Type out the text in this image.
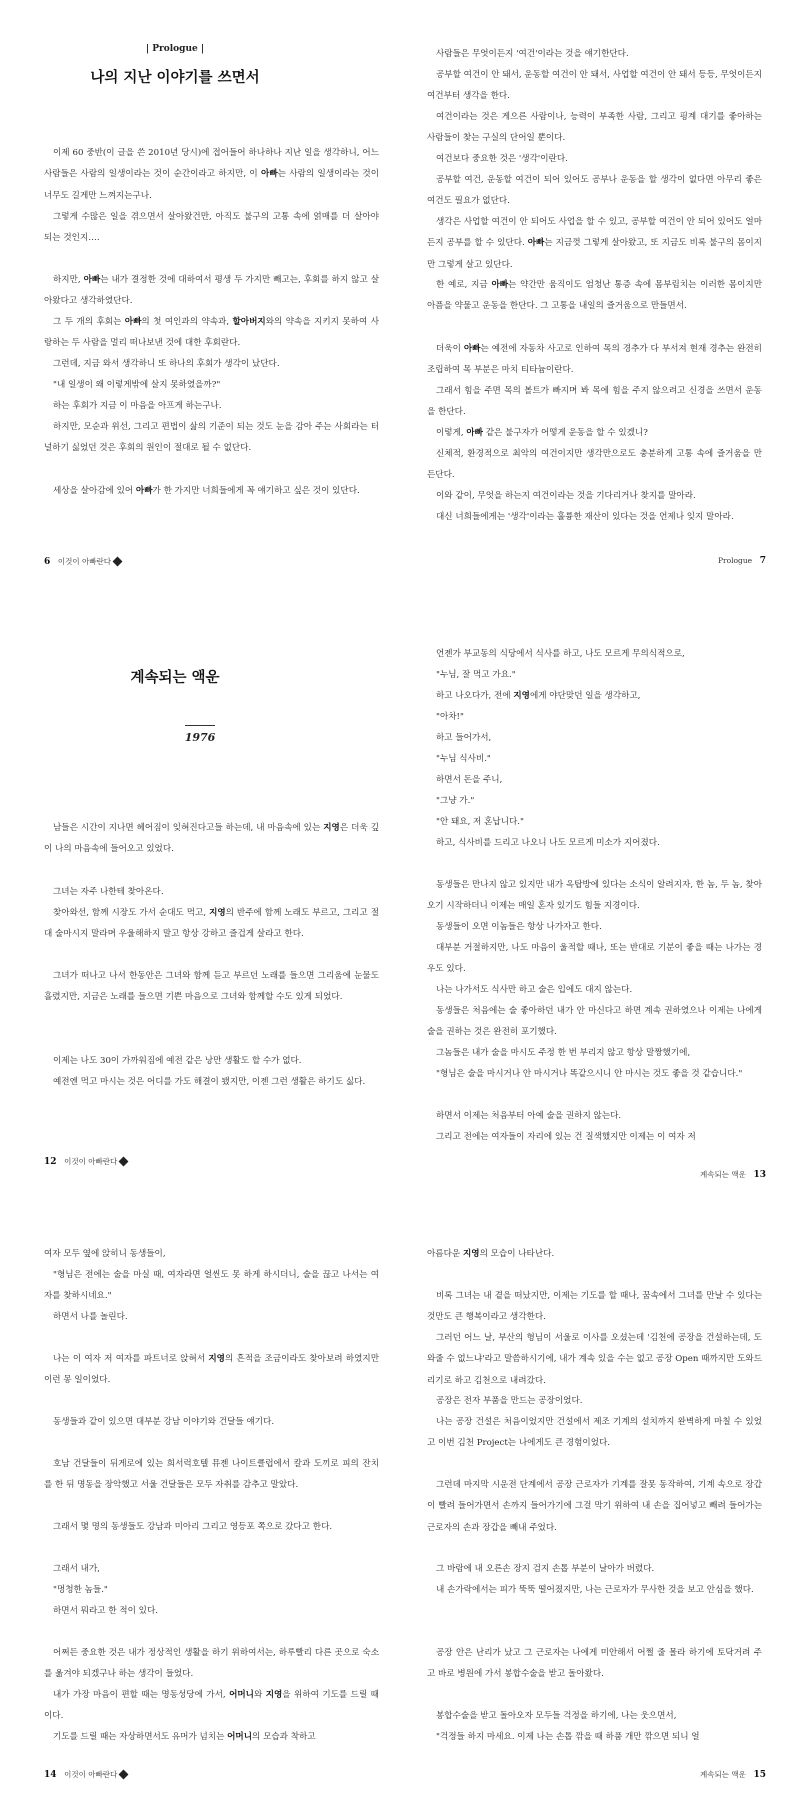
| Prologue |
나의 지난 이야기를 쓰면서

이제 60 중반(이 글을 쓴 2010년 당시)에 접어들어 하나하나 지난 일을 생각하니, 어느 사람들은 사람의 일생이라는 것이 순간이라고 하지만, 이 아빠는 사람의 일생이라는 것이 너무도 길게만 느껴지는구나.

그렇게 수많은 일을 겪으면서 살아왔건만, 아직도 불구의 고통 속에 얽매를 더 살아야 되는 것인지….

하지만, 아빠는 내가 결정한 것에 대하여서 평생 두 가지만 빼고는, 후회를 하지 않고 살아왔다고 생각하였단다.

그 두 개의 후회는 아빠의 첫 여인과의 약속과, 할아버지와의 약속을 지키지 못하여 사랑하는 두 사람을 멀리 떠나보낸 것에 대한 후회란다.

그런데, 지금 와서 생각하니 또 하나의 후회가 생각이 났단다.

"내 일생이 왜 이렇게밖에 살지 못하였을까?"

하는 후회가 지금 이 마음을 아프게 하는구나.

하지만, 모순과 위선, 그리고 편법이 삶의 기준이 되는 것도 눈을 감아 주는 사회라는 터널하기 싫었던 것은 후회의 원인이 절대로 될 수 없단다.

세상을 살아감에 있어 아빠가 한 가지만 너희들에게 꼭 얘기하고 싶은 것이 있단다.

6 이것이 아빠란다

사람들은 무엇이든지 '여건'이라는 것을 얘기한단다.

공부할 여건이 안 돼서, 운동할 여건이 안 돼서, 사업할 여건이 안 돼서 등등, 무엇이든지 여건부터 생각을 한다.

여건이라는 것은 게으른 사람이나, 능력이 부족한 사람, 그리고 핑계 대기를 좋아하는 사람들이 찾는 구실의 단어일 뿐이다.

여건보다 중요한 것은 '생각'이란다.

공부할 여건, 운동할 여건이 되어 있어도 공부나 운동을 할 생각이 없다면 아무리 좋은 여건도 필요가 없단다.

생각은 사업할 여건이 안 되어도 사업을 할 수 있고, 공부할 여건이 안 되어 있어도 얼마든지 공부를 할 수 있단다. 아빠는 지금껏 그렇게 살아왔고, 또 지금도 비록 불구의 몸이지만 그렇게 살고 있단다.

한 예로, 지금 아빠는 약간만 움직이도 엄청난 통증 속에 몸부림치는 이러한 몸이지만 아픔을 약물고 운동을 한단다. 그 고통을 내일의 즐거움으로 만들면서.

더욱이 아빠는 예전에 자동차 사고로 인하여 목의 경추가 다 부서져 현재 경추는 완전히 조립하여 목 부분은 마치 티타늄이란다.

그래서 힘을 주면 목의 볼트가 빠지며 봐 목에 힘을 주지 않으려고 신경을 쓰면서 운동을 한단다.

이렇게, 아빠 같은 불구자가 어떻게 운동을 할 수 있겠니?

신체적, 환경적으로 최악의 여건이지만 생각만으로도 충분하게 고통 속에 즐거움을 만든단다.

이와 같이, 무엇을 하는지 여건이라는 것을 기다리거나 찾지를 말아라.

대신 너희들에게는 '생각'이라는 훌륭한 재산이 있다는 것을 언제나 잊지 말아라.

Prologue 7
계속되는 액운
1976

남들은 시간이 지나면 헤어짐이 잊혀진다고들 하는데, 내 마음속에 있는 지영은 더욱 깊이 나의 마음속에 들어오고 있었다.

그녀는 자주 나한테 찾아온다.

찾아와선, 함께 시장도 가서 순대도 먹고, 지영의 반주에 함께 노래도 부르고, 그리고 절대 술마시지 말라며 우울해하지 말고 항상 강하고 즐겁게 살라고 한다.

그녀가 떠나고 나서 한동안은 그녀와 함께 듣고 부르던 노래를 들으면 그리움에 눈물도 흘렸지만, 지금은 노래를 들으면 기쁜 마음으로 그녀와 함께할 수도 있게 되었다.

이제는 나도 30이 가까워짐에 예전 같은 낭만 생활도 할 수가 없다.

예전엔 먹고 마시는 것은 어디를 가도 해결이 됐지만, 이젠 그런 생활은 하기도 싫다.

12 이것이 아빠란다

언젠가 부교동의 식당에서 식사를 하고, 나도 모르게 무의식적으로,

"누님, 잘 먹고 가요."

하고 나오다가, 전에 지영에게 야단맞던 일을 생각하고,

"아차!"

하고 들어가서,

"누님 식사비."

하면서 돈을 주니,

"그냥 가."

"안 돼요, 저 혼납니다."

하고, 식사비를 드리고 나오니 나도 모르게 미소가 지어졌다.

동생들은 만나지 않고 있지만 내가 옥탑방에 있다는 소식이 알려지자, 한 놈, 두 놈, 찾아오기 시작하더니 이제는 매일 혼자 있기도 힘들 지경이다.

동생들이 오면 이놈들은 항상 나가자고 한다.

대부분 거절하지만, 나도 마음이 울적할 때나, 또는 반대로 기분이 좋을 때는 나가는 경우도 있다.

나는 나가서도 식사만 하고 술은 입에도 대지 않는다.

동생들은 처음에는 술 좋아하던 내가 안 마신다고 하면 계속 권하였으나 이제는 나에게 술을 권하는 것은 완전히 포기했다.

그놈들은 내가 술을 마시도 주정 한 번 부리지 않고 항상 말짱했기에,

"형님은 술을 마시거나 안 마시거나 똑같으시니 안 마시는 것도 좋을 것 같습니다."

하면서 이제는 처음부터 아예 술을 권하지 않는다.

그리고 전에는 여자들이 자리에 있는 건 질색했지만 이제는 이 여자 저

계속되는 액운 13

여자 모두 옆에 앉히니 동생들이,

"형님은 전에는 술을 마실 때, 여자라면 얼씬도 못 하게 하시더니, 술을 끊고 나서는 여자를 찾하시네요."

하면서 나를 놀린다.

나는 이 여자 저 여자를 파트너로 앉혀서 지영의 흔적을 조금이라도 찾아보려 하였지만 이런 몽 일이었다.

동생들과 같이 있으면 대부분 강남 이야기와 건달들 얘기다.

호남 건달들이 뒤게로에 있는 희서럭호텔 뮤젠 나이트클럽에서 칼과 도끼로 피의 잔치를 한 뒤 명동을 장악했고 서울 건달들은 모두 자취를 감추고 말았다.

그래서 몇 명의 동생들도 강남과 미아리 그리고 영등포 쪽으로 갔다고 한다.

그래서 내가,

"멍청한 놈들."

하면서 뭐라고 한 적이 있다.

어쩌든 중요한 것은 내가 정상적인 생활을 하기 위하여서는, 하루빨리 다른 곳으로 숙소를 옮겨야 되겠구나 하는 생각이 들었다.

내가 가장 마음이 편할 때는 명동성당에 가서, 어머니와 지영을 위하여 기도를 드릴 때이다.

기도를 드릴 때는 자상하면서도 유머가 넘치는 어머니의 모습과 착하고

14 이것이 아빠란다

아름다운 지영의 모습이 나타난다.

비록 그녀는 내 곁을 떠났지만, 이제는 기도를 할 때나, 꿈속에서 그녀를 만날 수 있다는 것만도 큰 행복이라고 생각한다.

그러던 어느 날, 부산의 형님이 서울로 이사를 오셨는데 '김천에 공장을 건설하는데, 도와줄 수 없느냐'라고 말씀하시기에, 내가 계속 있을 수는 없고 공장 Open 때까지만 도와드리기로 하고 김천으로 내려갔다.

공장은 전자 부품을 만드는 공장이었다.

나는 공장 건설은 처음이었지만 건설에서 제조 기계의 설치까지 완벽하게 마칠 수 있었고 이번 김천 Project는 나에게도 큰 경험이었다.

그런데 마지막 시운전 단계에서 공장 근로자가 기계를 잘못 동작하여, 기계 속으로 장갑이 빨려 들어가면서 손까지 들어가기에 그걸 막기 위하여 내 손을 집어넣고 빼려 들어가는 근로자의 손과 장갑을 빼내 주었다.

그 바람에 내 오른손 장지 검지 손톱 부분이 날아가 버렸다.

내 손가락에서는 피가 뚝뚝 떨어졌지만, 나는 근로자가 무사한 것을 보고 안심을 했다.

공장 안은 난리가 났고 그 근로자는 나에게 미안해서 어쩔 줄 몰라 하기에 토닥거려 주고 바로 병원에 가서 봉합수술을 받고 돌아왔다.

봉합수술을 받고 돌아오자 모두들 걱정을 하기에, 나는 웃으면서,

"걱정들 하지 마세요. 이제 나는 손톱 깎을 때 하품 개만 깎으면 되니 얼

계속되는 액운 15
